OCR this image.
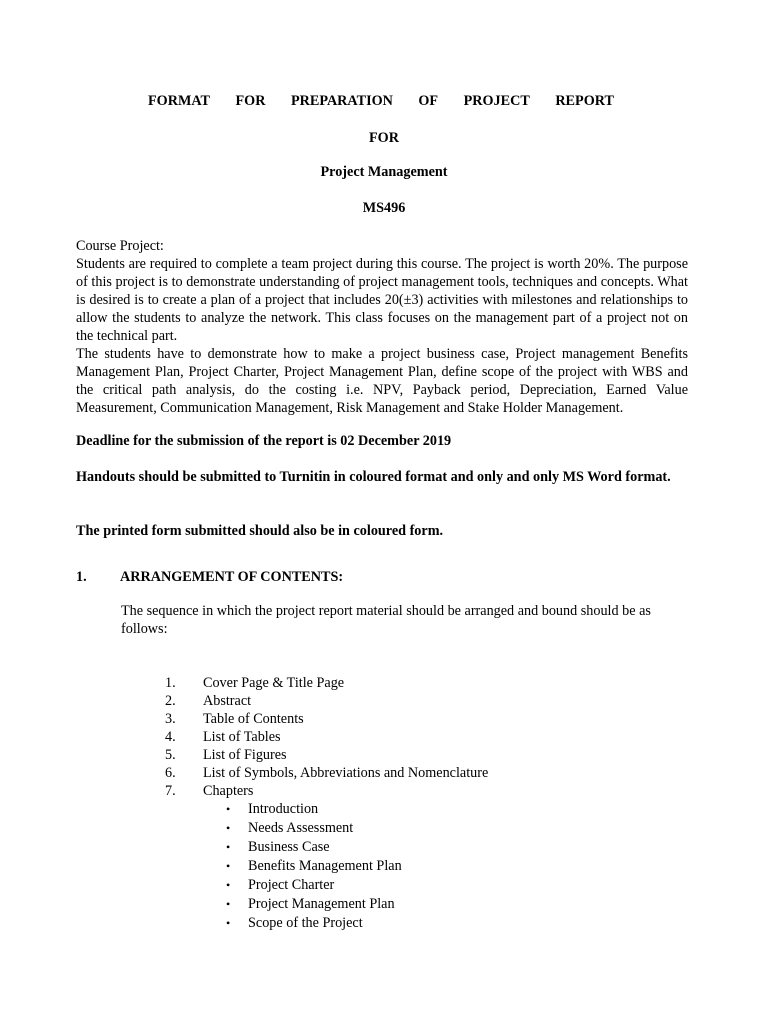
FORMAT FOR PREPARATION OF PROJECT REPORT
FOR
Project Management
MS496

Course Project:

Students are required to complete a team project during this course. The project is worth 20%. The purpose of this project is to demonstrate understanding of project management tools, techniques and concepts. What is desired is to create a plan of a project that includes 20(±3) activities with milestones and relationships to allow the students to analyze the network. This class focuses on the management part of a project not on the technical part.

The students have to demonstrate how to make a project business case, Project management Benefits Management Plan, Project Charter, Project Management Plan, define scope of the project with WBS and the critical path analysis, do the costing i.e. NPV, Payback period, Depreciation, Earned Value Measurement, Communication Management, Risk Management and Stake Holder Management.

Deadline for the submission of the report is 02 December 2019
Handouts should be submitted to Turnitin in coloured format and only and only MS Word format.
The printed form submitted should also be in coloured form.
1.	ARRANGEMENT OF CONTENTS:
The sequence in which the project report material should be arranged and bound should be as follows:
1.	Cover Page & Title Page
2.	Abstract
3.	Table of Contents
4.	List of Tables
5.	List of Figures
6.	List of Symbols, Abbreviations and Nomenclature
7.	Chapters
•	Introduction
•	Needs Assessment
•	Business Case
•	Benefits Management Plan
•	Project Charter
•	Project Management Plan
•	Scope of the Project
